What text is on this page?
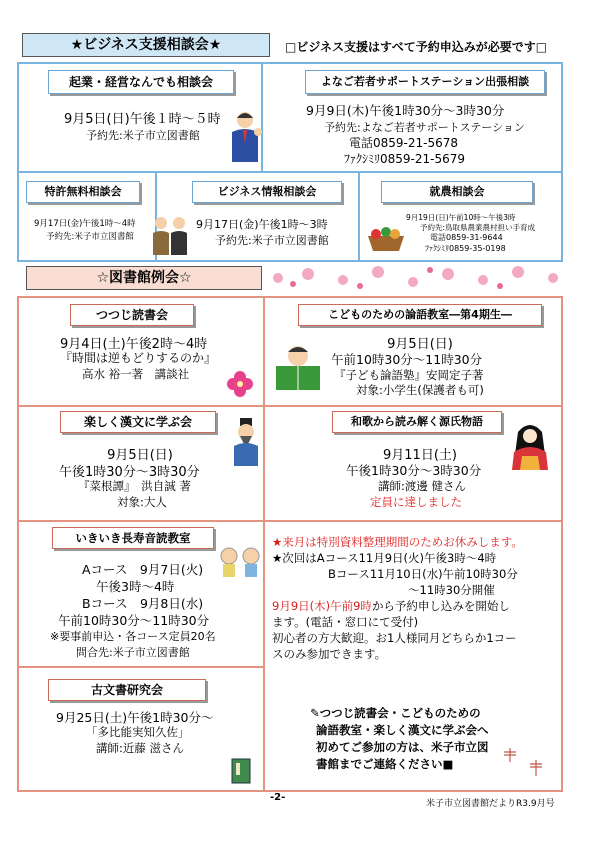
★ビジネス支援相談会★	□ビジネス支援はすべて予約申込みが必要です□
起業・経営なんでも相談会
9月5日(日)午後１時～５時
予約先:米子市立図書館
よなご若者サポートステーション出張相談
9月9日(木)午後1時30分～3時30分
予約先:よなご若者サポートステーション
電話0859-21-5678
ﾌｧｸｼﾐﾘ0859-21-5679
特許無料相談会
9月17日(金)午後1時～4時
予約先:米子市立図書館
ビジネス情報相談会
9月17日(金)午後1時～3時
予約先:米子市立図書館
就農相談会
9月19日(日)午前10時～午後3時
予約先:鳥取県農業農村担い手育成
電話0859-31-9644
ﾌｧｸｼﾐﾘ0859-35-0198
☆図書館例会☆
つつじ読書会
9月4日(土)午後2時～4時
『時間は逆もどりするのか』
高水 裕一著　講談社
こどものための論語教室―第4期生―
9月5日(日)
午前10時30分～11時30分
『子ども論語塾』安岡定子著
対象:小学生(保護者も可)
楽しく漢文に学ぶ会
9月5日(日)
午後1時30分～3時30分
『菜根譚』　洪自誠 著
対象:大人
和歌から読み解く源氏物語
9月11日(土)
午後1時30分～3時30分
講師:渡邊 健さん
定員に達しました
いきいき長寿音読教室
Aコース　9月7日(火)
午後3時～4時
Bコース　9月8日(水)
午前10時30分～11時30分
※要事前申込・各コース定員20名
問合先:米子市立図書館
★来月は特別資料整理期間のためお休みします。
★次回はAコース11月9日(火)午後3時～4時
Bコース11月10日(水)午前10時30分
～11時30分開催
9月9日(木)午前9時から予約申し込みを開始し
ます。(電話・窓口にて受付)
初心者の方大歓迎。お1人様同月どちらか1コー
スのみ参加できます。
古文書研究会
9月25日(土)午後1時30分～
「多比能実知久佐」
講師:近藤 滋さん
✎つつじ読書会・こどものための
論語教室・楽しく漢文に学ぶ会へ
初めてご参加の方は、米子市立図
書館までご連絡ください■
-2-
米子市立図書館だよりR3.9月号
